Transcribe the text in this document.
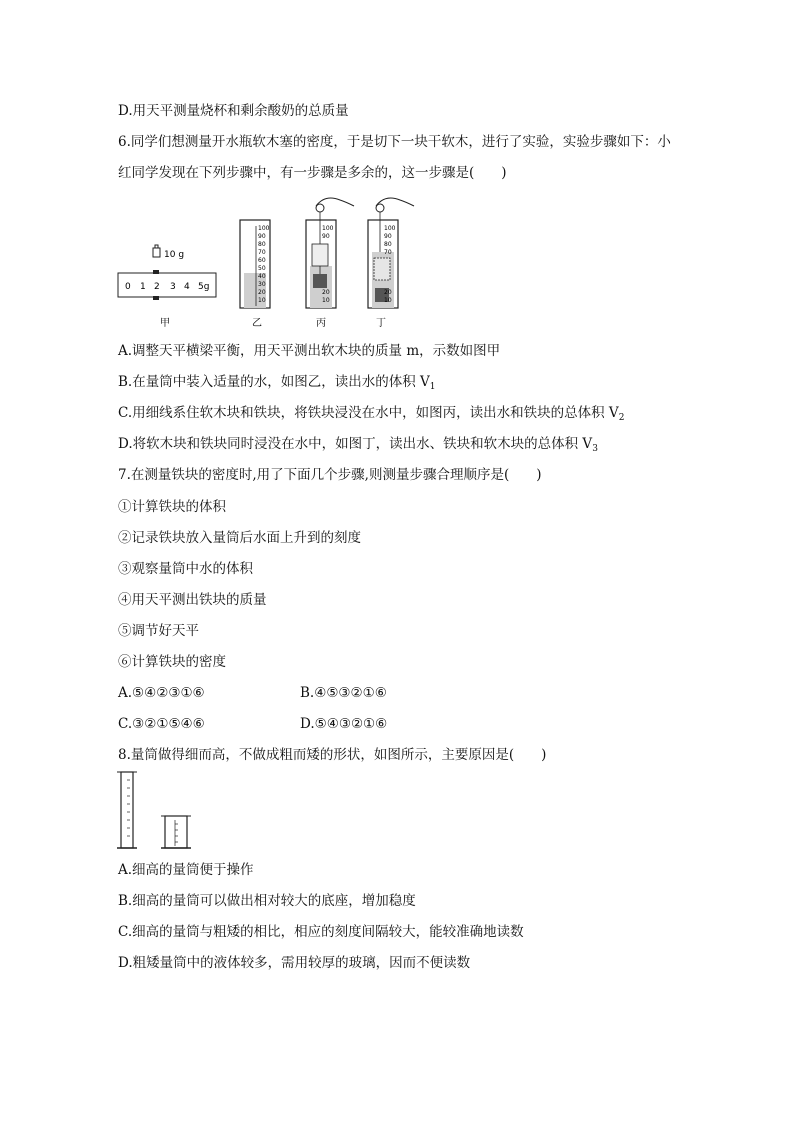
D.用天平测量烧杯和剩余酸奶的总质量
6.同学们想测量开水瓶软木塞的密度，于是切下一块干软木，进行了实验，实验步骤如下：小
红同学发现在下列步骤中，有一步骤是多余的，这一步骤是(　　)
10 g
0 1 2 3 4 5g
甲
100
90
80
70
60
50
40
30
20
10
乙
100
90
20
10
丙
100
90
80
70
20
10
丁
A.调整天平横梁平衡，用天平测出软木块的质量 m，示数如图甲
B.在量筒中装入适量的水，如图乙，读出水的体积 $V_1$
C.用细线系住软木块和铁块，将铁块浸没在水中，如图丙，读出水和铁块的总体积 $V_2$
D.将软木块和铁块同时浸没在水中，如图丁，读出水、铁块和软木块的总体积 $V_3$
7.在测量铁块的密度时,用了下面几个步骤,则测量步骤合理顺序是(　　)
①计算铁块的体积
②记录铁块放入量筒后水面上升到的刻度
③观察量筒中水的体积
④用天平测出铁块的质量
⑤调节好天平
⑥计算铁块的密度
A.⑤④②③①⑥	B.④⑤③②①⑥
C.③②①⑤④⑥	D.⑤④③②①⑥
8.量筒做得细而高，不做成粗而矮的形状，如图所示，主要原因是(　　)
A.细高的量筒便于操作
B.细高的量筒可以做出相对较大的底座，增加稳度
C.细高的量筒与粗矮的相比，相应的刻度间隔较大，能较准确地读数
D.粗矮量筒中的液体较多，需用较厚的玻璃，因而不便读数
